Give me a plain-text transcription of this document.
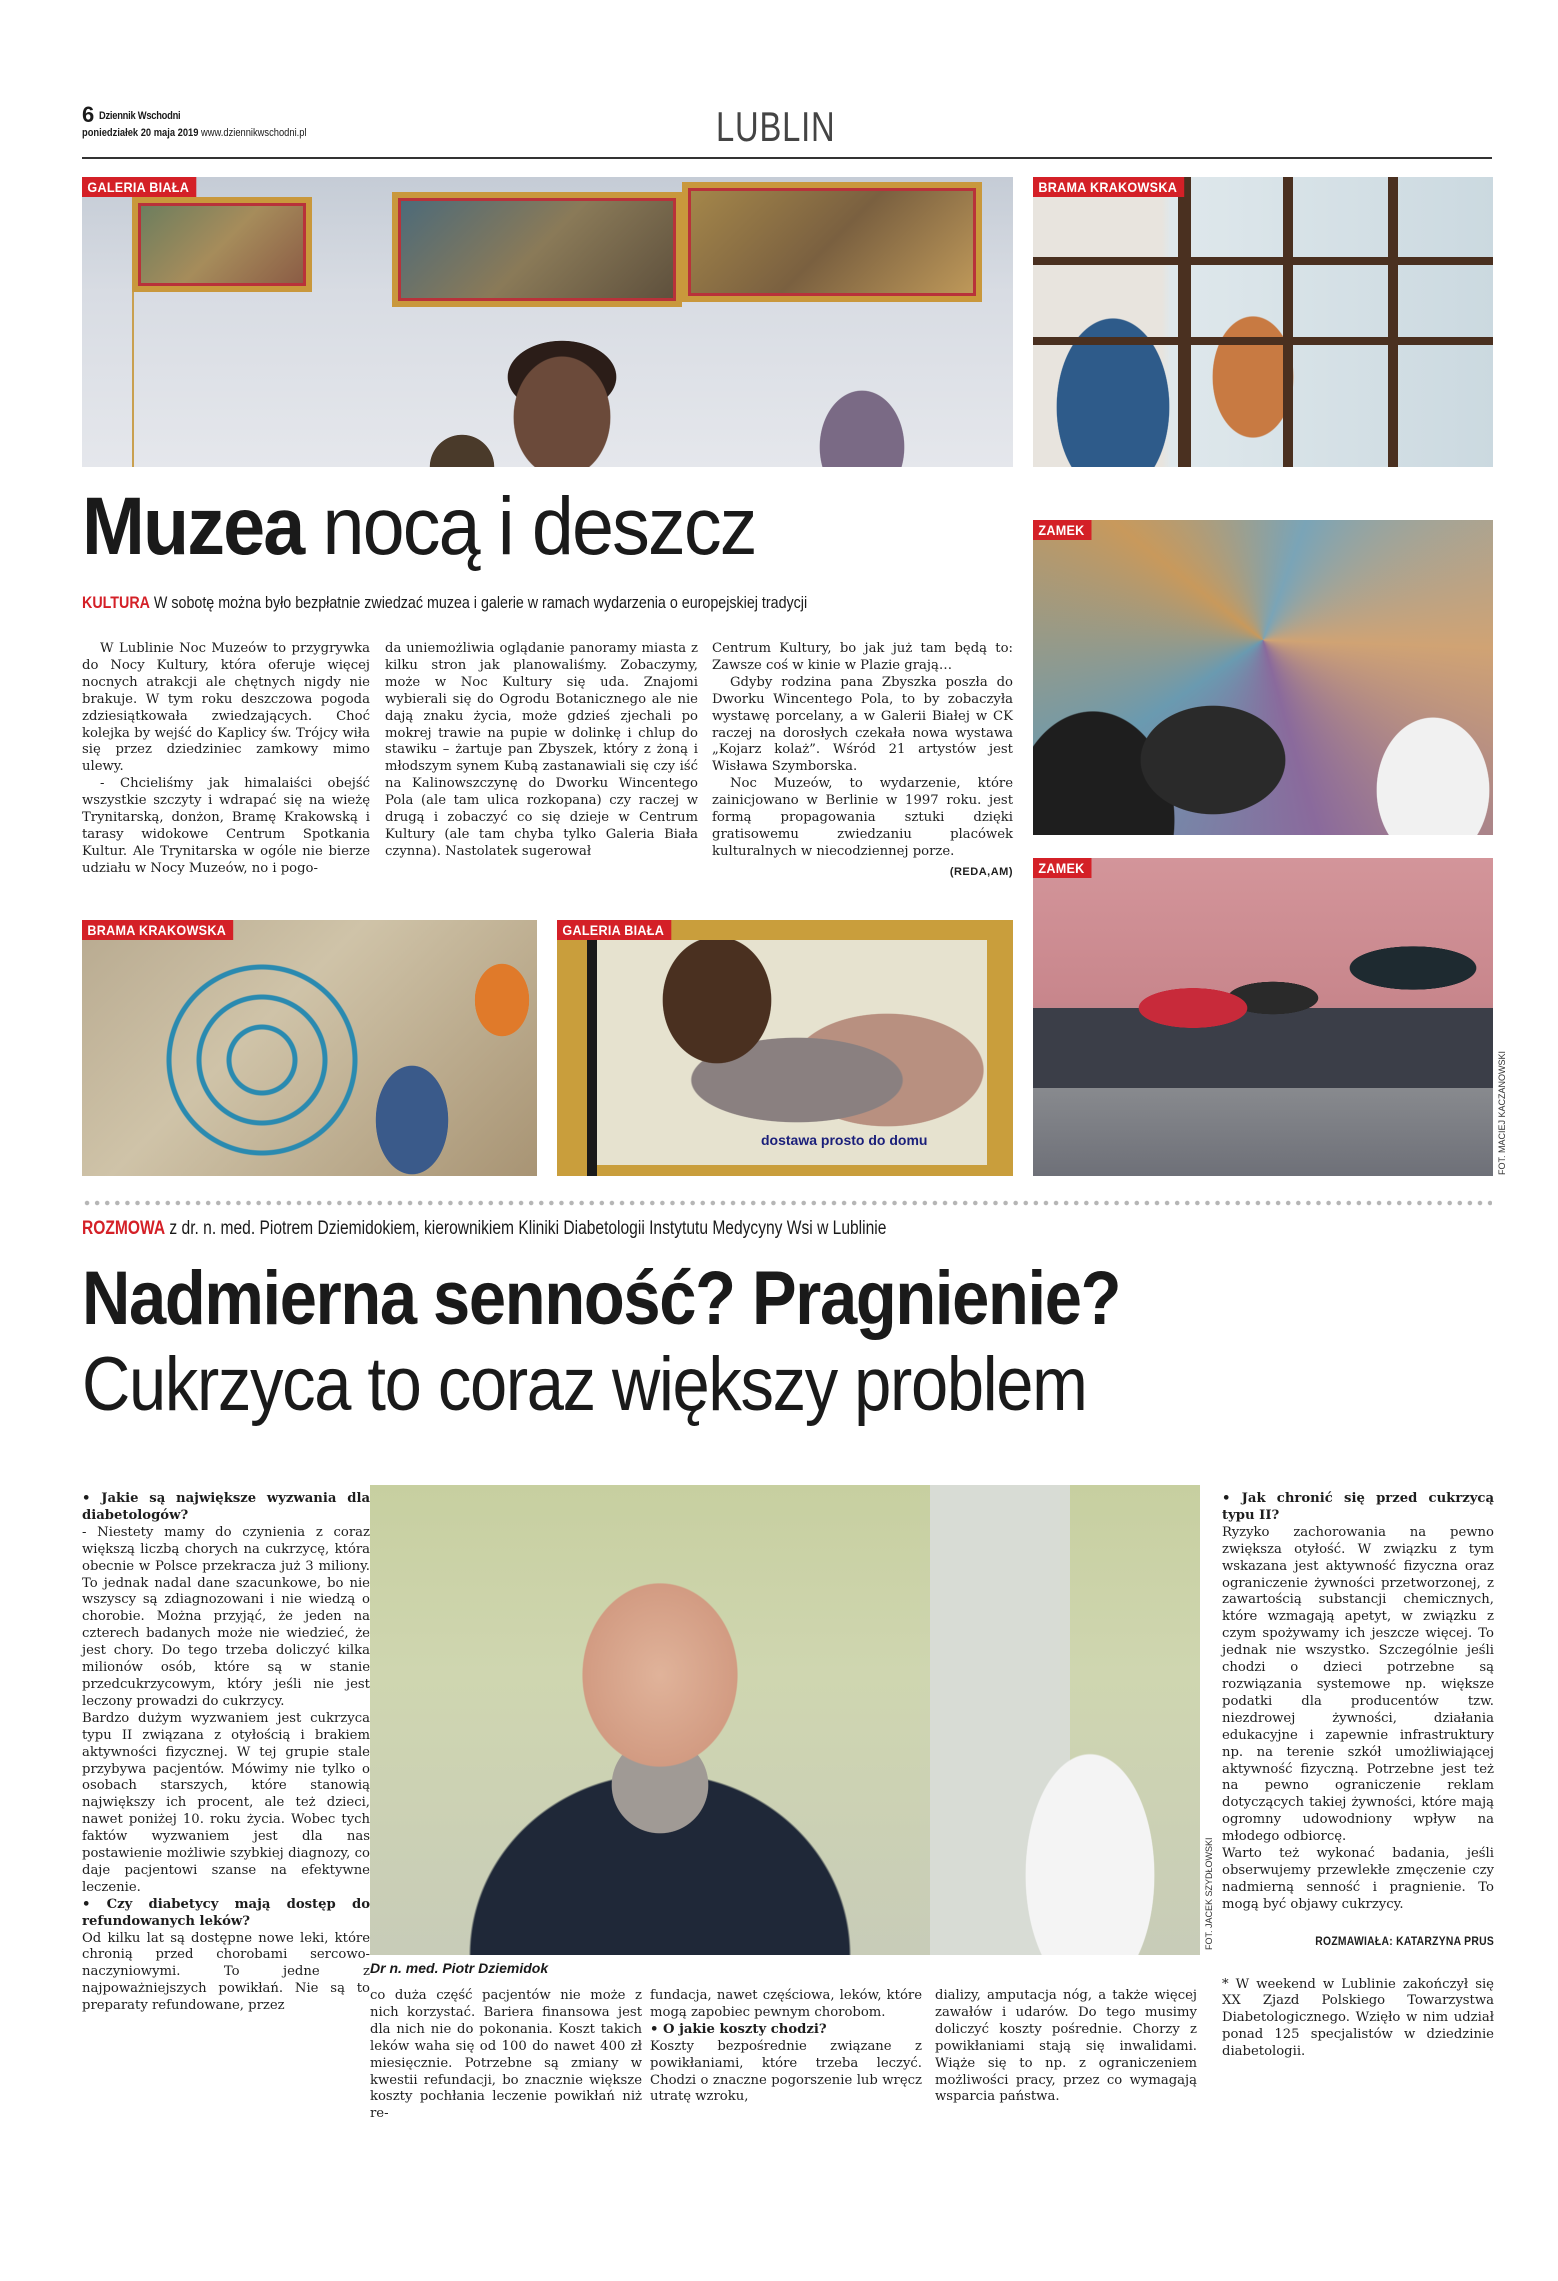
6 Dziennik Wschodni
poniedziałek 20 maja 2019 www.dziennikwschodni.pl	LUBLIN
GALERIA BIAŁA	BRAMA KRAKOWSKA
ZAMEK
ZAMEK
FOT. MACIEJ KACZANOWSKI
Muzea nocą i deszcz
KULTURA W sobotę można było bezpłatnie zwiedzać muzea i galerie w ramach wydarzenia o europejskiej tradycji

W Lublinie Noc Muzeów to przygrywka do Nocy Kultury, która oferuje więcej nocnych atrakcji ale chętnych nigdy nie brakuje. W tym roku deszczowa pogoda zdziesiątkowała zwiedzających. Choć kolejka by wejść do Kaplicy św. Trójcy wiła się przez dziedziniec zamkowy mimo ulewy.

- Chcieliśmy jak himalaiści obejść wszystkie szczyty i wdrapać się na wieżę Trynitarską, donżon, Bramę Krakowską i tarasy widokowe Centrum Spotkania Kultur. Ale Trynitarska w ogóle nie bierze udziału w Nocy Muzeów, no i pogo-

da uniemożliwia oglądanie panoramy miasta z kilku stron jak planowaliśmy. Zobaczymy, może w Noc Kultury się uda. Znajomi wybierali się do Ogrodu Botanicznego ale nie dają znaku życia, może gdzieś zjechali po mokrej trawie na pupie w dolinkę i chlup do stawiku – żartuje pan Zbyszek, który z żoną i młodszym synem Kubą zastanawiali się czy iść na Kalinowszczynę do Dworku Wincentego Pola (ale tam ulica rozkopana) czy raczej w drugą i zobaczyć co się dzieje w Centrum Kultury (ale tam chyba tylko Galeria Biała czynna). Nastolatek sugerował

Centrum Kultury, bo jak już tam będą to: Zawsze coś w kinie w Plazie grają…

Gdyby rodzina pana Zbyszka poszła do Dworku Wincentego Pola, to by zobaczyła wystawę porcelany, a w Galerii Białej w CK raczej na dorosłych czekała nowa wystawa „Kojarz kolaż”. Wśród 21 artystów jest Wisława Szymborska.

Noc Muzeów, to wydarzenie, które zainicjowano w Berlinie w 1997 roku. jest formą propagowania sztuki dzięki gratisowemu zwiedzaniu placówek kulturalnych w niecodziennej porze.

(REDA,AM)
BRAMA KRAKOWSKA
dostawa prosto do domu
GALERIA BIAŁA
ROZMOWA z dr. n. med. Piotrem Dziemidokiem, kierownikiem Kliniki Diabetologii Instytutu Medycyny Wsi w Lublinie
Nadmierna senność? Pragnienie?
Cukrzyca to coraz większy problem
FOT. JACEK SZYDŁOWSKI
Dr n. med. Piotr Dziemidok

• Jakie są największe wyzwania dla diabetologów?

- Niestety mamy do czynienia z coraz większą liczbą chorych na cukrzycę, która obecnie w Polsce przekracza już 3 miliony. To jednak nadal dane szacunkowe, bo nie wszyscy są zdiagnozowani i nie wiedzą o chorobie. Można przyjąć, że jeden na czterech badanych może nie wiedzieć, że jest chory. Do tego trzeba doliczyć kilka milionów osób, które są w stanie przedcukrzycowym, który jeśli nie jest leczony prowadzi do cukrzycy.

Bardzo dużym wyzwaniem jest cukrzyca typu II związana z otyłością i brakiem aktywności fizycznej. W tej grupie stale przybywa pacjentów. Mówimy nie tylko o osobach starszych, które stanowią największy ich procent, ale też dzieci, nawet poniżej 10. roku życia. Wobec tych faktów wyzwaniem jest dla nas postawienie możliwie szybkiej diagnozy, co daje pacjentowi szanse na efektywne leczenie.

• Czy diabetycy mają dostęp do refundowanych leków?

Od kilku lat są dostępne nowe leki, które chronią przed chorobami sercowo-naczyniowymi. To jedne z najpoważniejszych powikłań. Nie są to preparaty refundowane, przez

co duża część pacjentów nie może z nich korzystać. Bariera finansowa jest dla nich nie do pokonania. Koszt takich leków waha się od 100 do nawet 400 zł miesięcznie. Potrzebne są zmiany w kwestii refundacji, bo znacznie większe koszty pochłania leczenie powikłań niż re-

fundacja, nawet częściowa, leków, które mogą zapobiec pewnym chorobom.

• O jakie koszty chodzi?

Koszty bezpośrednie związane z powikłaniami, które trzeba leczyć. Chodzi o znaczne pogorszenie lub wręcz utratę wzroku,

dializy, amputacja nóg, a także więcej zawałów i udarów. Do tego musimy doliczyć koszty pośrednie. Chorzy z powikłaniami stają się inwalidami. Wiąże się to np. z ograniczeniem możliwości pracy, przez co wymagają wsparcia państwa.

• Jak chronić się przed cukrzycą typu II?

Ryzyko zachorowania na pewno zwiększa otyłość. W związku z tym wskazana jest aktywność fizyczna oraz ograniczenie żywności przetworzonej, z zawartością substancji chemicznych, które wzmagają apetyt, w związku z czym spożywamy ich jeszcze więcej. To jednak nie wszystko. Szczególnie jeśli chodzi o dzieci potrzebne są rozwiązania systemowe np. większe podatki dla producentów tzw. niezdrowej żywności, działania edukacyjne i zapewnie infrastruktury np. na terenie szkół umożliwiającej aktywność fizyczną. Potrzebne jest też na pewno ograniczenie reklam dotyczących takiej żywności, które mają ogromny udowodniony wpływ na młodego odbiorcę.

Warto też wykonać badania, jeśli obserwujemy przewlekłe zmęczenie czy nadmierną senność i pragnienie. To mogą być objawy cukrzycy.

ROZMAWIAŁA: KATARZYNA PRUS

* W weekend w Lublinie zakończył się XX Zjazd Polskiego Towarzystwa Diabetologicznego. Wzięło w nim udział ponad 125 specjalistów w dziedzinie diabetologii.
